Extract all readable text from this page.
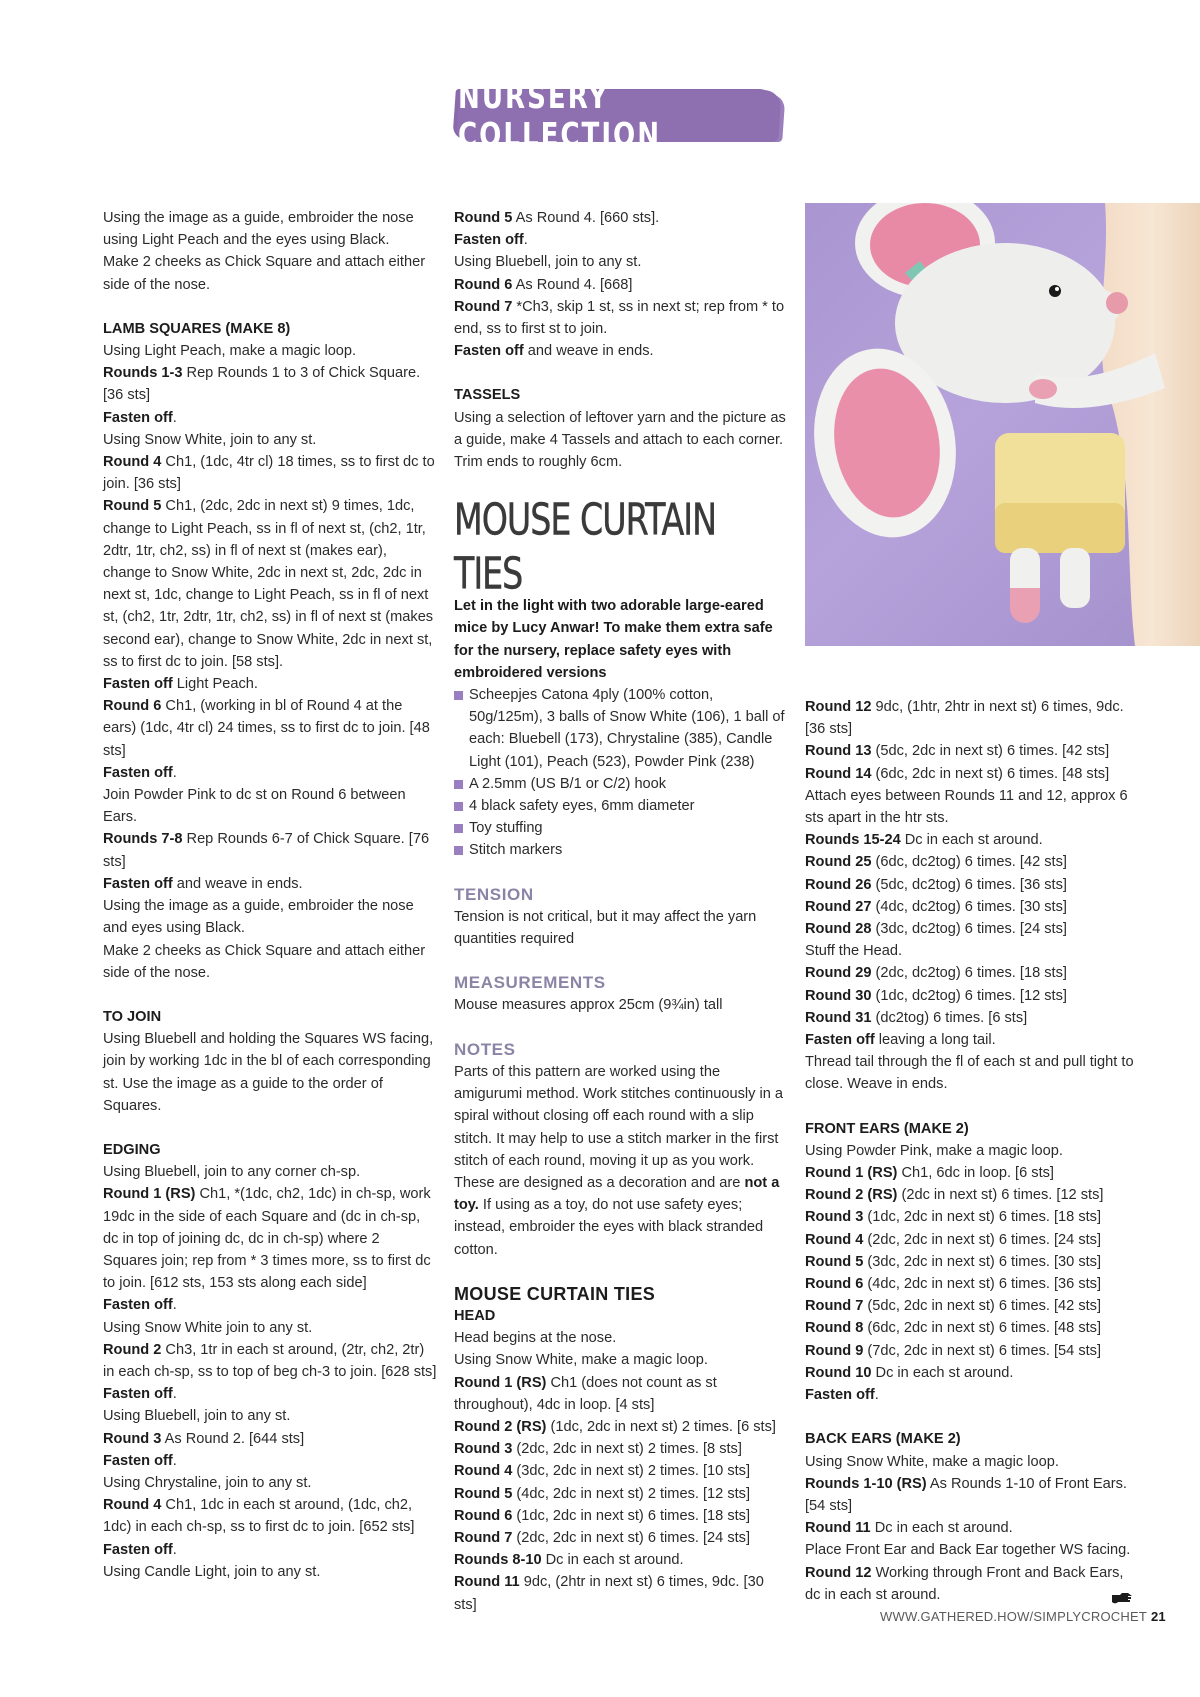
NURSERY COLLECTION

Using the image as a guide, embroider the nose using Light Peach and the eyes using Black.

Make 2 cheeks as Chick Square and attach either side of the nose.

LAMB SQUARES (MAKE 8)

Using Light Peach, make a magic loop.

Rounds 1-3 Rep Rounds 1 to 3 of Chick Square. [36 sts]

Fasten off.

Using Snow White, join to any st.

Round 4 Ch1, (1dc, 4tr cl) 18 times, ss to first dc to join. [36 sts]

Round 5 Ch1, (2dc, 2dc in next st) 9 times, 1dc, change to Light Peach, ss in fl of next st, (ch2, 1tr, 2dtr, 1tr, ch2, ss) in fl of next st (makes ear), change to Snow White, 2dc in next st, 2dc, 2dc in next st, 1dc, change to Light Peach, ss in fl of next st, (ch2, 1tr, 2dtr, 1tr, ch2, ss) in fl of next st (makes second ear), change to Snow White, 2dc in next st, ss to first dc to join. [58 sts].

Fasten off Light Peach.

Round 6 Ch1, (working in bl of Round 4 at the ears) (1dc, 4tr cl) 24 times, ss to first dc to join. [48 sts]

Fasten off.

Join Powder Pink to dc st on Round 6 between Ears.

Rounds 7-8 Rep Rounds 6-7 of Chick Square. [76 sts]

Fasten off and weave in ends.

Using the image as a guide, embroider the nose and eyes using Black.

Make 2 cheeks as Chick Square and attach either side of the nose.

TO JOIN

Using Bluebell and holding the Squares WS facing, join by working 1dc in the bl of each corresponding st. Use the image as a guide to the order of Squares.

EDGING

Using Bluebell, join to any corner ch-sp.

Round 1 (RS) Ch1, *(1dc, ch2, 1dc) in ch-sp, work 19dc in the side of each Square and (dc in ch-sp, dc in top of joining dc, dc in ch-sp) where 2 Squares join; rep from * 3 times more, ss to first dc to join. [612 sts, 153 sts along each side]

Fasten off.

Using Snow White join to any st.

Round 2 Ch3, 1tr in each st around, (2tr, ch2, 2tr) in each ch-sp, ss to top of beg ch-3 to join. [628 sts]

Fasten off.

Using Bluebell, join to any st.

Round 3 As Round 2. [644 sts]

Fasten off.

Using Chrystaline, join to any st.

Round 4 Ch1, 1dc in each st around, (1dc, ch2, 1dc) in each ch-sp, ss to first dc to join. [652 sts]

Fasten off.

Using Candle Light, join to any st.

Round 5 As Round 4. [660 sts].

Fasten off.

Using Bluebell, join to any st.

Round 6 As Round 4. [668]

Round 7 *Ch3, skip 1 st, ss in next st; rep from * to end, ss to first st to join.

Fasten off and weave in ends.

TASSELS

Using a selection of leftover yarn and the picture as a guide, make 4 Tassels and attach to each corner. Trim ends to roughly 6cm.

MOUSE CURTAIN TIES

Let in the light with two adorable large-eared mice by Lucy Anwar! To make them extra safe for the nursery, replace safety eyes with embroidered versions

Scheepjes Catona 4ply (100% cotton, 50g/125m), 3 balls of Snow White (106), 1 ball of each: Bluebell (173), Chrystaline (385), Candle Light (101), Peach (523), Powder Pink (238)
A 2.5mm (US B/1 or C/2) hook
4 black safety eyes, 6mm diameter
Toy stuffing
Stitch markers

TENSION

Tension is not critical, but it may affect the yarn quantities required

MEASUREMENTS

Mouse measures approx 25cm (9¾in) tall

NOTES

Parts of this pattern are worked using the amigurumi method. Work stitches continuously in a spiral without closing off each round with a slip stitch. It may help to use a stitch marker in the first stitch of each round, moving it up as you work. These are designed as a decoration and are not a toy. If using as a toy, do not use safety eyes; instead, embroider the eyes with black stranded cotton.

MOUSE CURTAIN TIES

HEAD

Head begins at the nose.

Using Snow White, make a magic loop.

Round 1 (RS) Ch1 (does not count as st throughout), 4dc in loop. [4 sts]

Round 2 (RS) (1dc, 2dc in next st) 2 times. [6 sts]

Round 3 (2dc, 2dc in next st) 2 times. [8 sts]

Round 4 (3dc, 2dc in next st) 2 times. [10 sts]

Round 5 (4dc, 2dc in next st) 2 times. [12 sts]

Round 6 (1dc, 2dc in next st) 6 times. [18 sts]

Round 7 (2dc, 2dc in next st) 6 times. [24 sts]

Rounds 8-10 Dc in each st around.

Round 11 9dc, (2htr in next st) 6 times, 9dc. [30 sts]

Round 12 9dc, (1htr, 2htr in next st) 6 times, 9dc. [36 sts]

Round 13 (5dc, 2dc in next st) 6 times. [42 sts]

Round 14 (6dc, 2dc in next st) 6 times. [48 sts]

Attach eyes between Rounds 11 and 12, approx 6 sts apart in the htr sts.

Rounds 15-24 Dc in each st around.

Round 25 (6dc, dc2tog) 6 times. [42 sts]

Round 26 (5dc, dc2tog) 6 times. [36 sts]

Round 27 (4dc, dc2tog) 6 times. [30 sts]

Round 28 (3dc, dc2tog) 6 times. [24 sts]

Stuff the Head.

Round 29 (2dc, dc2tog) 6 times. [18 sts]

Round 30 (1dc, dc2tog) 6 times. [12 sts]

Round 31 (dc2tog) 6 times. [6 sts]

Fasten off leaving a long tail.

Thread tail through the fl of each st and pull tight to close. Weave in ends.

FRONT EARS (MAKE 2)

Using Powder Pink, make a magic loop.

Round 1 (RS) Ch1, 6dc in loop. [6 sts]

Round 2 (RS) (2dc in next st) 6 times. [12 sts]

Round 3 (1dc, 2dc in next st) 6 times. [18 sts]

Round 4 (2dc, 2dc in next st) 6 times. [24 sts]

Round 5 (3dc, 2dc in next st) 6 times. [30 sts]

Round 6 (4dc, 2dc in next st) 6 times. [36 sts]

Round 7 (5dc, 2dc in next st) 6 times. [42 sts]

Round 8 (6dc, 2dc in next st) 6 times. [48 sts]

Round 9 (7dc, 2dc in next st) 6 times. [54 sts]

Round 10 Dc in each st around.

Fasten off.

BACK EARS (MAKE 2)

Using Snow White, make a magic loop.

Rounds 1-10 (RS) As Rounds 1-10 of Front Ears. [54 sts]

Round 11 Dc in each st around.

Place Front Ear and Back Ear together WS facing.

Round 12 Working through Front and Back Ears, dc in each st around.

WWW.GATHERED.HOW/SIMPLYCROCHET 21
